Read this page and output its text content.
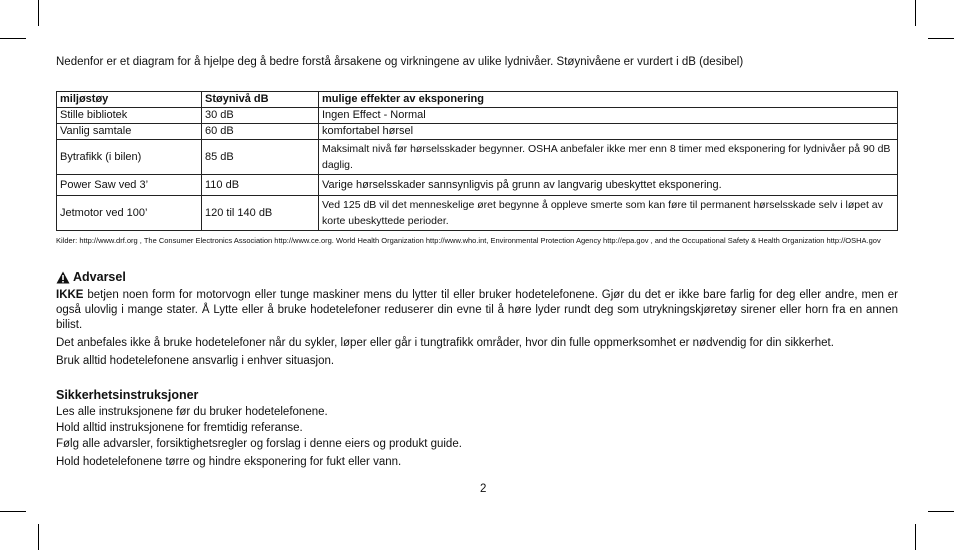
Nedenfor er et diagram for å hjelpe deg å bedre forstå årsakene og virkningene av ulike lydnivåer. Støynivåene er vurdert i dB (desibel)
miljøstøy	Støynivå dB	mulige effekter av eksponering
Stille bibliotek	30 dB	Ingen Effect - Normal
Vanlig samtale	60 dB	komfortabel hørsel
Bytrafikk (i bilen)	85 dB	Maksimalt nivå før hørselsskader begynner. OSHA anbefaler ikke mer enn 8 timer med eksponering for lydnivåer på 90 dB daglig.
Power Saw ved 3’	110 dB	Varige hørselsskader sannsynligvis på grunn av langvarig ubeskyttet eksponering.
Jetmotor ved 100’	120 til 140 dB	Ved 125 dB vil det menneskelige øret begynne å oppleve smerte som kan føre til permanent hørselsskade selv i løpet av korte ubeskyttede perioder.
Kilder: http://www.drf.org , The Consumer Electronics Association http://www.ce.org. World Health Organization http://www.who.int, Environmental Protection Agency http://epa.gov , and the Occupational Safety & Health Organization http://OSHA.gov
Advarsel

IKKE betjen noen form for motorvogn eller tunge maskiner mens du lytter til eller bruker hodetelefonene. Gjør du det er ikke bare farlig for deg eller andre, men er også ulovlig i mange stater. Å Lytte eller å bruke hodetelefoner reduserer din evne til å høre lyder rundt deg som utrykningskjøretøy sirener eller horn fra en annen bilist.

Det anbefales ikke å bruke hodetelefoner når du sykler, løper eller går i tungtrafikk områder, hvor din fulle oppmerksomhet er nødvendig for din sikkerhet.

Bruk alltid hodetelefonene ansvarlig i enhver situasjon.

Sikkerhetsinstruksjoner
Les alle instruksjonene før du bruker hodetelefonene.
Hold alltid instruksjonene for fremtidig referanse.
Følg alle advarsler, forsiktighetsregler og forslag i denne eiers og produkt guide.
Hold hodetelefonene tørre og hindre eksponering for fukt eller vann.
2
